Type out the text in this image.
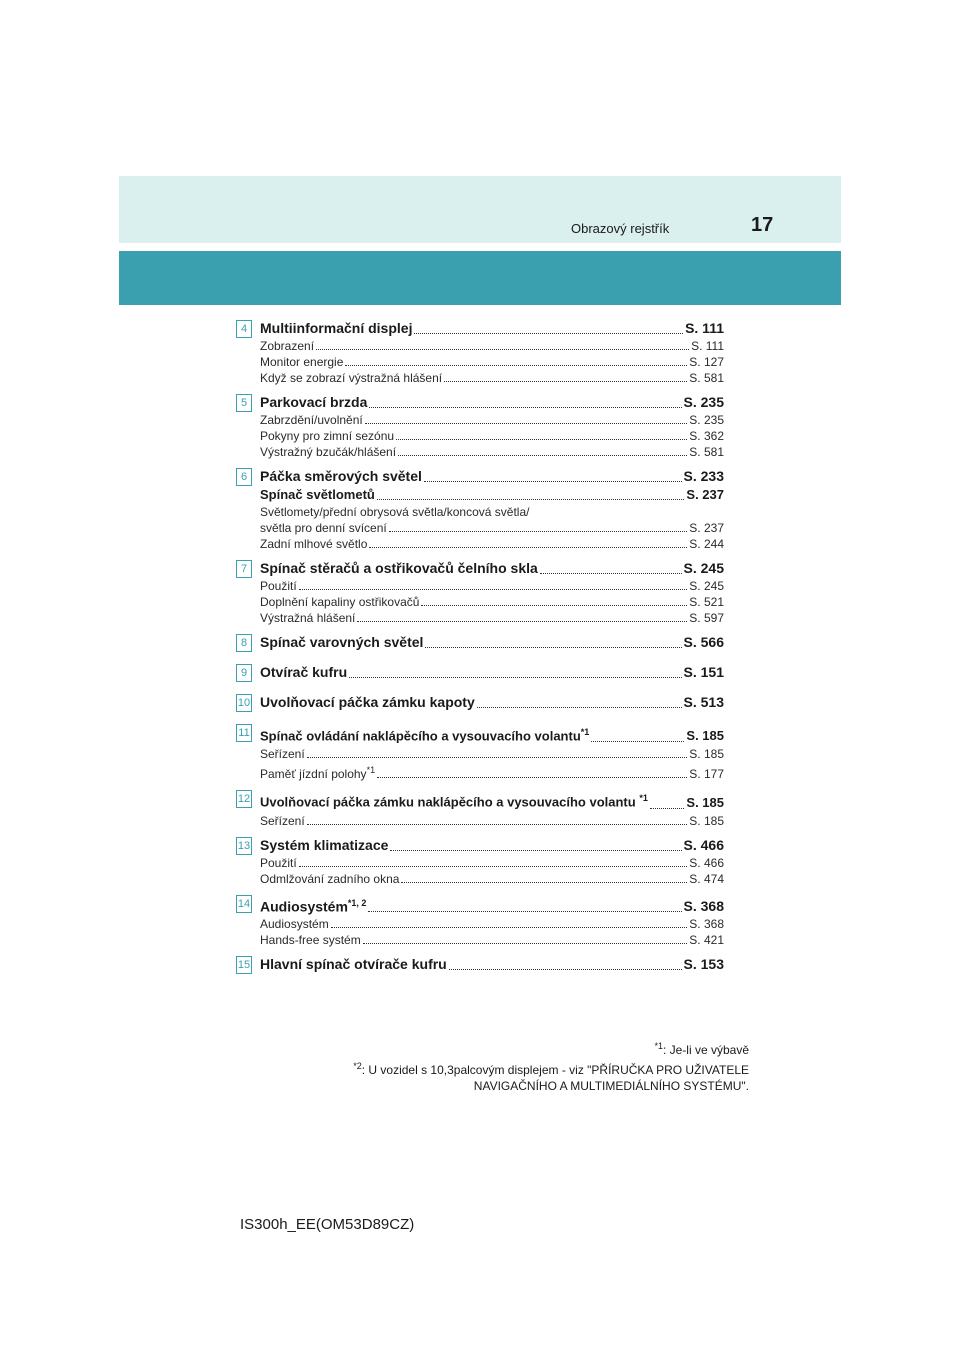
Obrazový rejstřík	17
4 Multiinformační displej	S. 111
Zobrazení	S. 111
Monitor energie	S. 127
Když se zobrazí výstražná hlášení	S. 581
5 Parkovací brzda	S. 235
Zabrzdění/uvolnění	S. 235
Pokyny pro zimní sezónu	S. 362
Výstražný bzučák/hlášení	S. 581
6 Páčka směrových světel	S. 233
Spínač světlometů	S. 237
Světlomety/přední obrysová světla/koncová světla/
světla pro denní svícení	S. 237
Zadní mlhové světlo	S. 244
7 Spínač stěračů a ostřikovačů čelního skla	S. 245
Použití	S. 245
Doplnění kapaliny ostřikovačů	S. 521
Výstražná hlášení	S. 597
8 Spínač varovných světel	S. 566
9 Otvírač kufru	S. 151
10 Uvolňovací páčka zámku kapoty	S. 513
11 Spínač ovládání naklápěcího a vysouvacího volantu$^{*1}$	S. 185
Seřízení	S. 185
Paměť jízdní polohy$^{*1}$	S. 177
12 Uvolňovací páčka zámku naklápěcího a vysouvacího volantu $^{*1}$	S. 185
Seřízení	S. 185
13 Systém klimatizace	S. 466
Použití	S. 466
Odmlžování zadního okna	S. 474
14 Audiosystém$^{*1, 2}$	S. 368
Audiosystém	S. 368
Hands-free systém	S. 421
15 Hlavní spínač otvírače kufru	S. 153
$^{*1}$: Je-li ve výbavě
$^{*2}$: U vozidel s 10,3palcovým displejem - viz "PŘÍRUČKA PRO UŽIVATELE
NAVIGAČNÍHO A MULTIMEDIÁLNÍHO SYSTÉMU".
IS300h_EE(OM53D89CZ)
